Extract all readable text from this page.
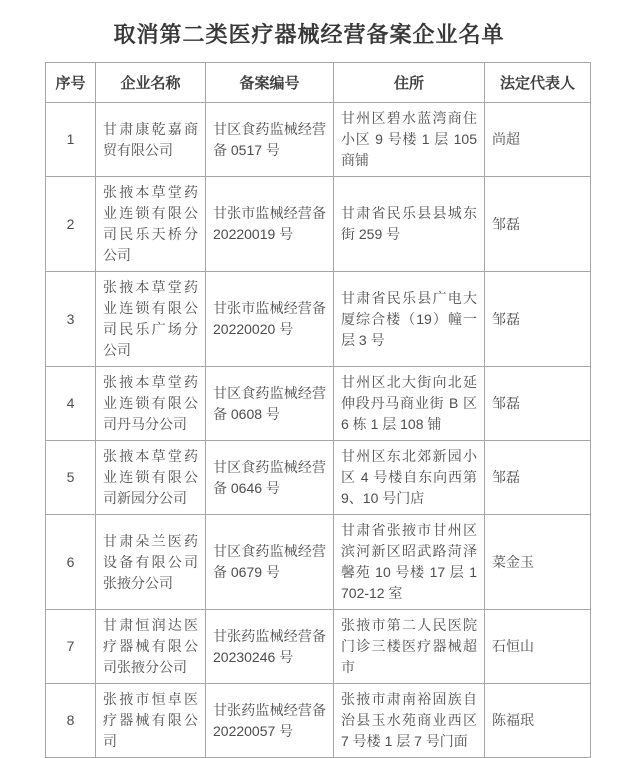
取消第二类医疗器械经营备案企业名单
序号	企业名称	备案编号	住所	法定代表人
1	甘肃康乾嘉商贸有限公司	甘区食药监械经营备 0517 号	甘州区碧水蓝湾商住小区 9 号楼 1 层 105 商铺	尚超
2	张掖本草堂药业连锁有限公司民乐天桥分公司	甘张市监械经营备 20220019 号	甘肃省民乐县县城东街 259 号	邹磊
3	张掖本草堂药业连锁有限公司民乐广场分公司	甘张市监械经营备 20220020 号	甘肃省民乐县广电大厦综合楼（19）幢一层 3 号	邹磊
4	张掖本草堂药业连锁有限公司丹马分公司	甘区食药监械经营备 0608 号	甘州区北大街向北延伸段丹马商业街 B 区 6 栋 1 层 108 铺	邹磊
5	张掖本草堂药业连锁有限公司新园分公司	甘区食药监械经营备 0646 号	甘州区东北郊新园小区 4 号楼自东向西第 9、10 号门店	邹磊
6	甘肃朵兰医药设备有限公司张掖分公司	甘区食药监械经营备 0679 号	甘肃省张掖市甘州区滨河新区昭武路菏泽馨苑 10 号楼 17 层 1702-12 室	菜金玉
7	甘肃恒润达医疗器械有限公司张掖分公司	甘张药监械经营备 20230246 号	张掖市第二人民医院门诊三楼医疗器械超市	石恒山
8	张掖市恒卓医疗器械有限公司	甘张药监械经营备 20220057 号	张掖市肃南裕固族自治县玉水苑商业西区 7 号楼 1 层 7 号门面	陈福珉
